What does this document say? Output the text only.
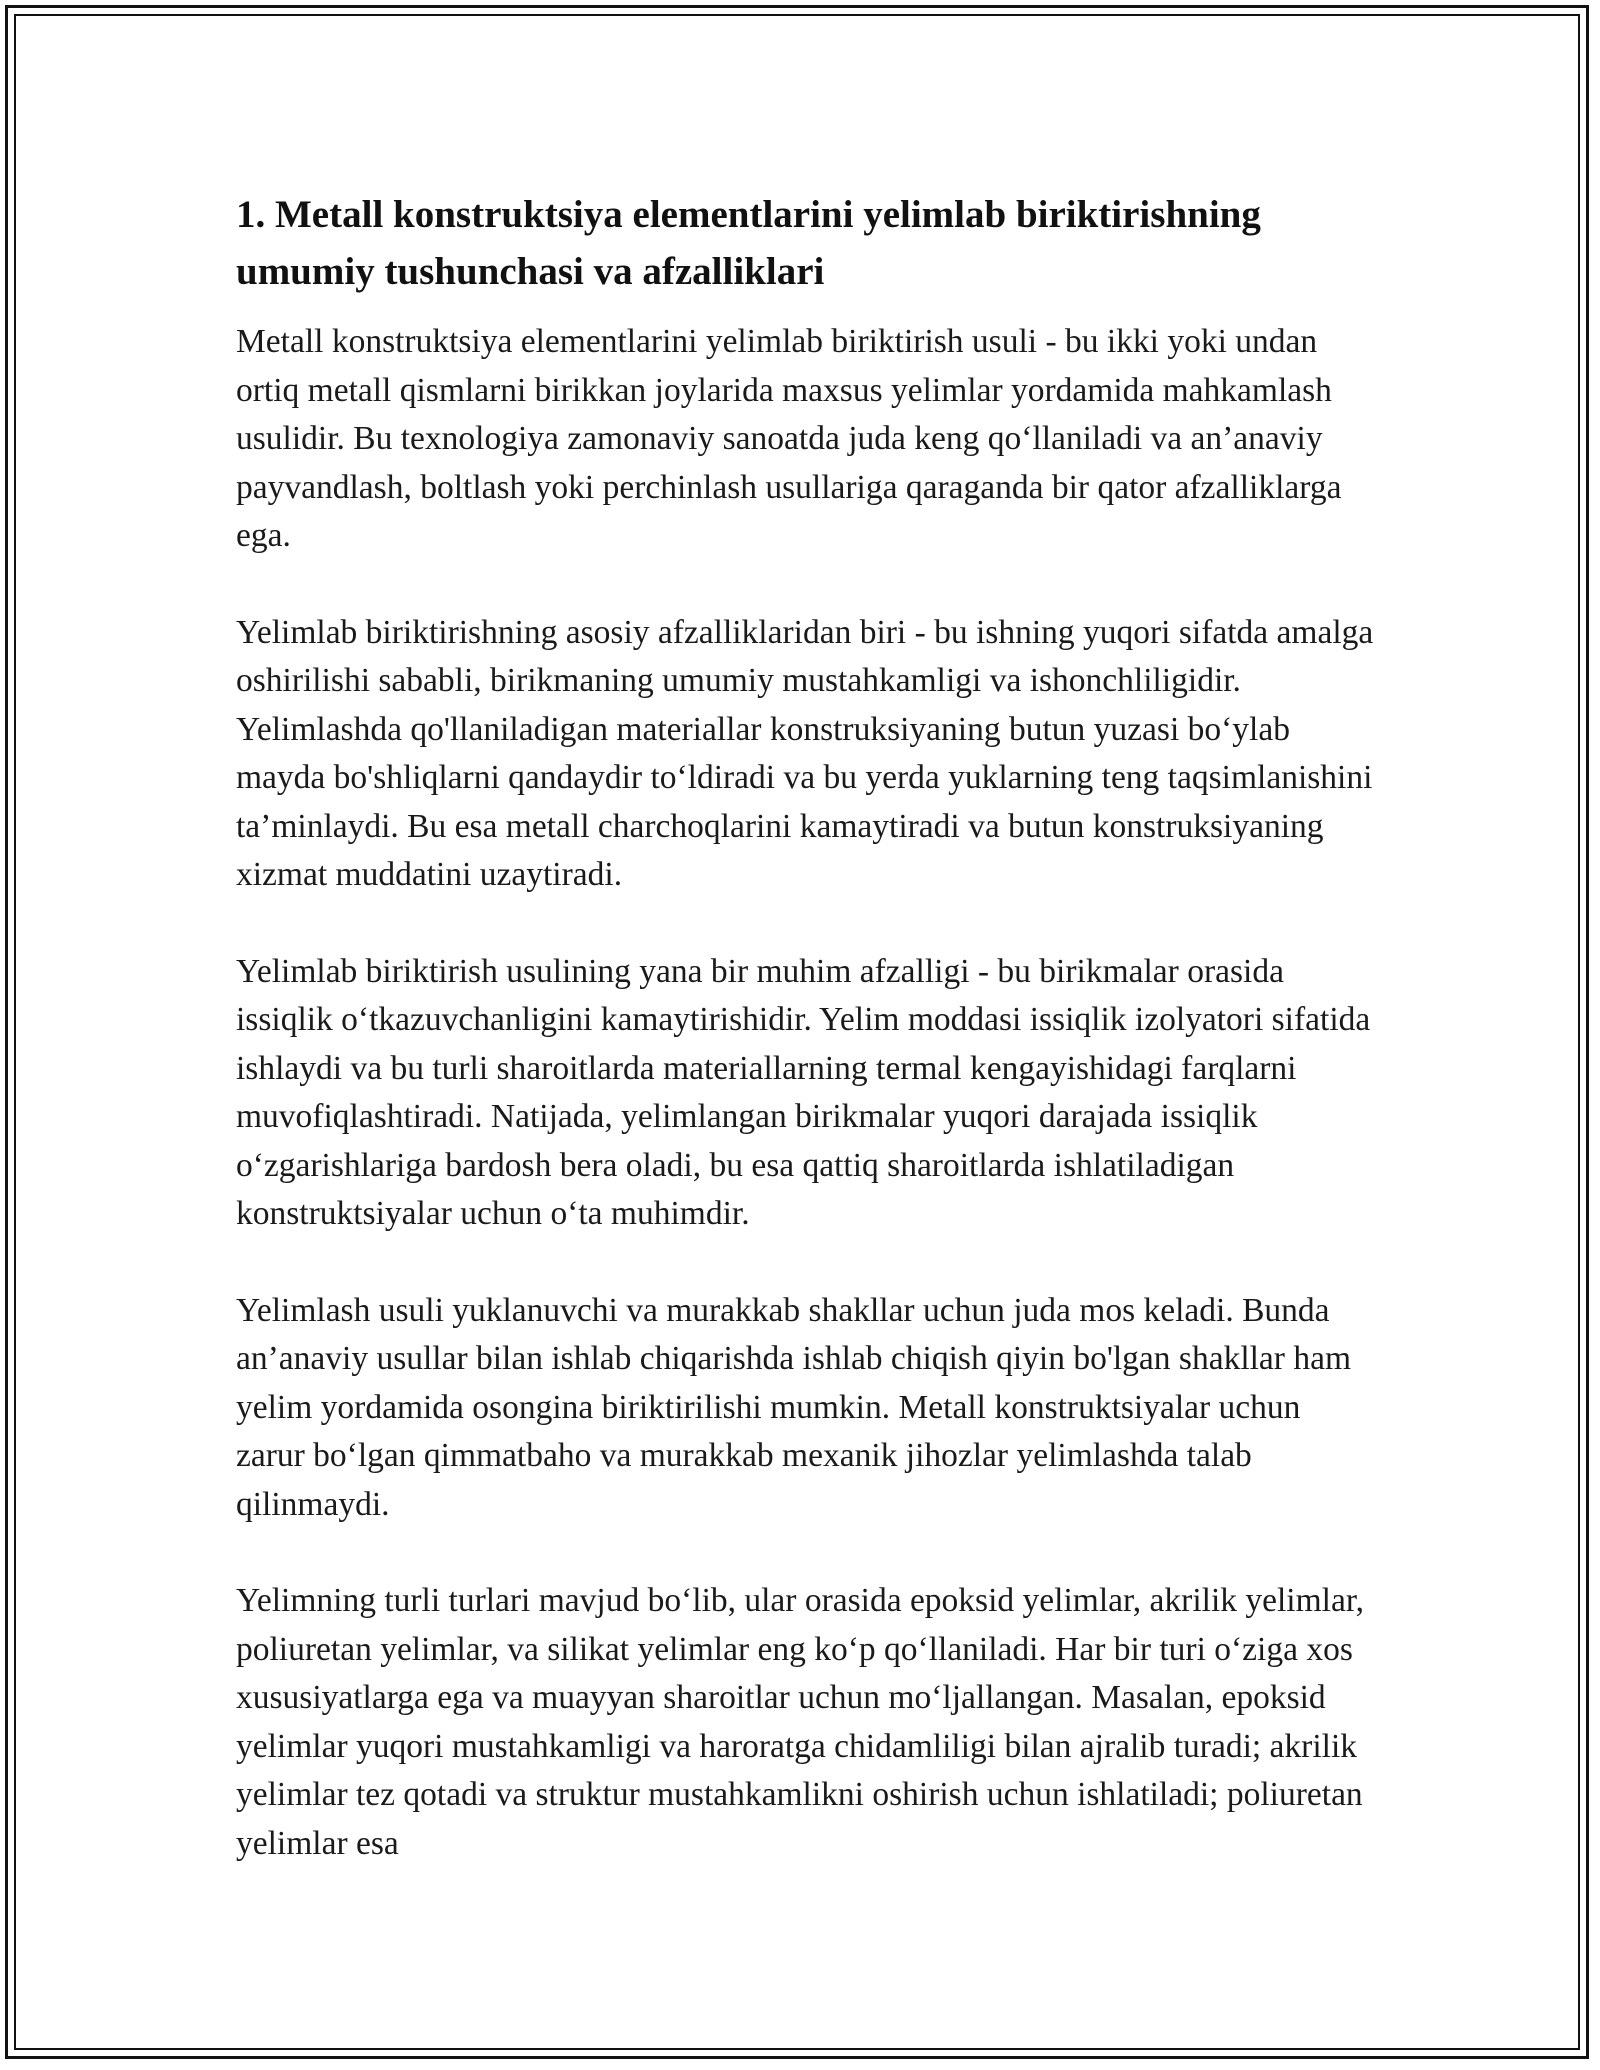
1. Metall konstruktsiya elementlarini yelimlab biriktirishning umumiy tushunchasi va afzalliklari

Metall konstruktsiya elementlarini yelimlab biriktirish usuli - bu ikki yoki undan ortiq metall qismlarni birikkan joylarida maxsus yelimlar yordamida mahkamlash usulidir. Bu texnologiya zamonaviy sanoatda juda keng qo‘llaniladi va an’anaviy payvandlash, boltlash yoki perchinlash usullariga qaraganda bir qator afzalliklarga ega.

Yelimlab biriktirishning asosiy afzalliklaridan biri - bu ishning yuqori sifatda amalga oshirilishi sababli, birikmaning umumiy mustahkamligi va ishonchliligidir. Yelimlashda qo'llaniladigan materiallar konstruksiyaning butun yuzasi bo‘ylab mayda bo'shliqlarni qandaydir to‘ldiradi va bu yerda yuklarning teng taqsimlanishini ta’minlaydi. Bu esa metall charchoqlarini kamaytiradi va butun konstruksiyaning xizmat muddatini uzaytiradi.

Yelimlab biriktirish usulining yana bir muhim afzalligi - bu birikmalar orasida issiqlik o‘tkazuvchanligini kamaytirishidir. Yelim moddasi issiqlik izolyatori sifatida ishlaydi va bu turli sharoitlarda materiallarning termal kengayishidagi farqlarni muvofiqlashtiradi. Natijada, yelimlangan birikmalar yuqori darajada issiqlik o‘zgarishlariga bardosh bera oladi, bu esa qattiq sharoitlarda ishlatiladigan konstruktsiyalar uchun o‘ta muhimdir.

Yelimlash usuli yuklanuvchi va murakkab shakllar uchun juda mos keladi. Bunda an’anaviy usullar bilan ishlab chiqarishda ishlab chiqish qiyin bo'lgan shakllar ham yelim yordamida osongina biriktirilishi mumkin. Metall konstruktsiyalar uchun zarur bo‘lgan qimmatbaho va murakkab mexanik jihozlar yelimlashda talab qilinmaydi.

Yelimning turli turlari mavjud bo‘lib, ular orasida epoksid yelimlar, akrilik yelimlar, poliuretan yelimlar, va silikat yelimlar eng ko‘p qo‘llaniladi. Har bir turi o‘ziga xos xususiyatlarga ega va muayyan sharoitlar uchun mo‘ljallangan. Masalan, epoksid yelimlar yuqori mustahkamligi va haroratga chidamliligi bilan ajralib turadi; akrilik yelimlar tez qotadi va struktur mustahkamlikni oshirish uchun ishlatiladi; poliuretan yelimlar esa
